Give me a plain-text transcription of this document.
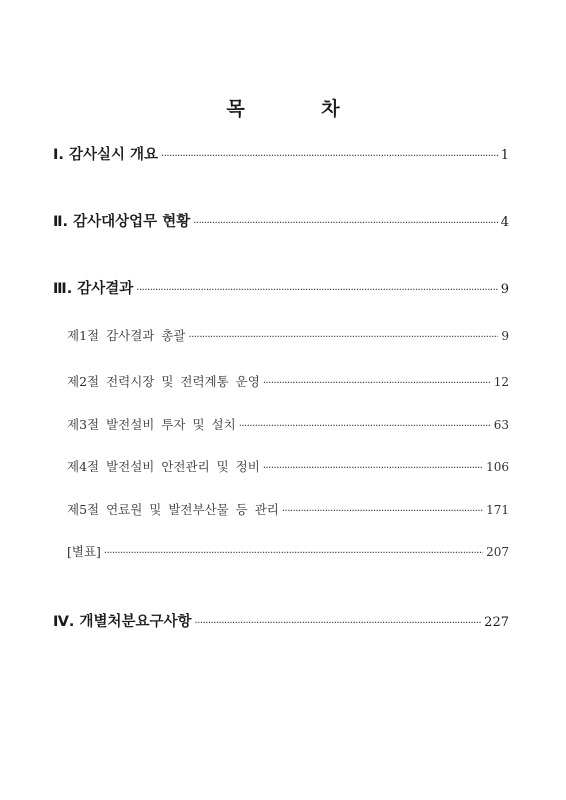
목 차
Ⅰ. 감사실시 개요 ·····	1
Ⅱ. 감사대상업무 현황 ·····	4
Ⅲ. 감사결과 ·····	9
제1절 감사결과 총괄 ·····	9
제2절 전력시장 및 전력계통 운영 ·····	12
제3절 발전설비 투자 및 설치 ·····	63
제4절 발전설비 안전관리 및 정비 ·····	106
제5절 연료원 및 발전부산물 등 관리 ·····	171
[별표] ·····	207
Ⅳ. 개별처분요구사항 ·····	227
